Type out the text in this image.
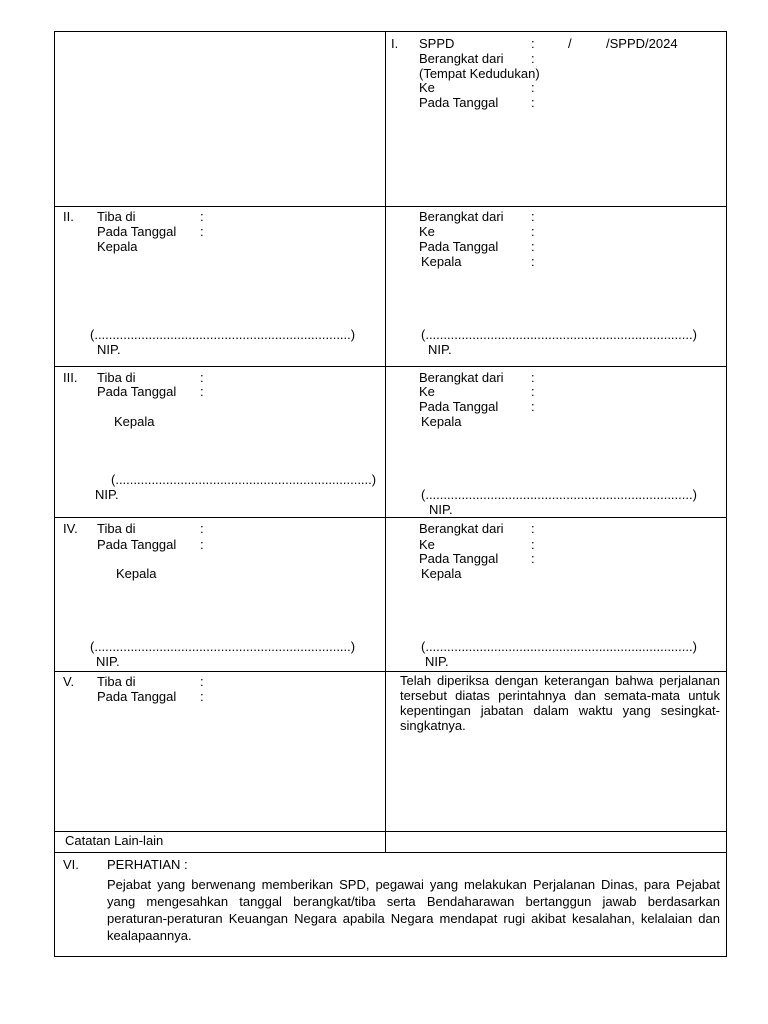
I. SPPD	:	/	/SPPD/2024
Berangkat dari :
(Tempat Kedudukan)
Ke	:
Pada Tanggal	:
II. Tiba di	:
Pada Tanggal :
Kepala
(.......................................................................)
NIP.
Berangkat dari :
Ke	:
Pada Tanggal	:
Kepala	:
(..........................................................................)
NIP.
III. Tiba di	:
Pada Tanggal :
Kepala
(.......................................................................)
NIP.
Berangkat dari :
Ke	:
Pada Tanggal	:
Kepala
(..........................................................................)
NIP.
IV. Tiba di	:
Pada Tanggal :
Kepala
(.......................................................................)
NIP.
Berangkat dari :
Ke	:
Pada Tanggal	:
Kepala
(..........................................................................)
NIP.
V. Tiba di	:
Pada Tanggal :
Telah diperiksa dengan keterangan bahwa perjalanan tersebut diatas perintahnya dan semata-mata untuk kepentingan jabatan dalam waktu yang sesingkat-singkatnya.
Catatan Lain-lain
VI. PERHATIAN :
Pejabat yang berwenang memberikan SPD, pegawai yang melakukan Perjalanan Dinas, para Pejabat yang mengesahkan tanggal berangkat/tiba serta Bendaharawan bertanggun jawab berdasarkan peraturan-peraturan Keuangan Negara apabila Negara mendapat rugi akibat kesalahan, kelalaian dan kealapaannya.
